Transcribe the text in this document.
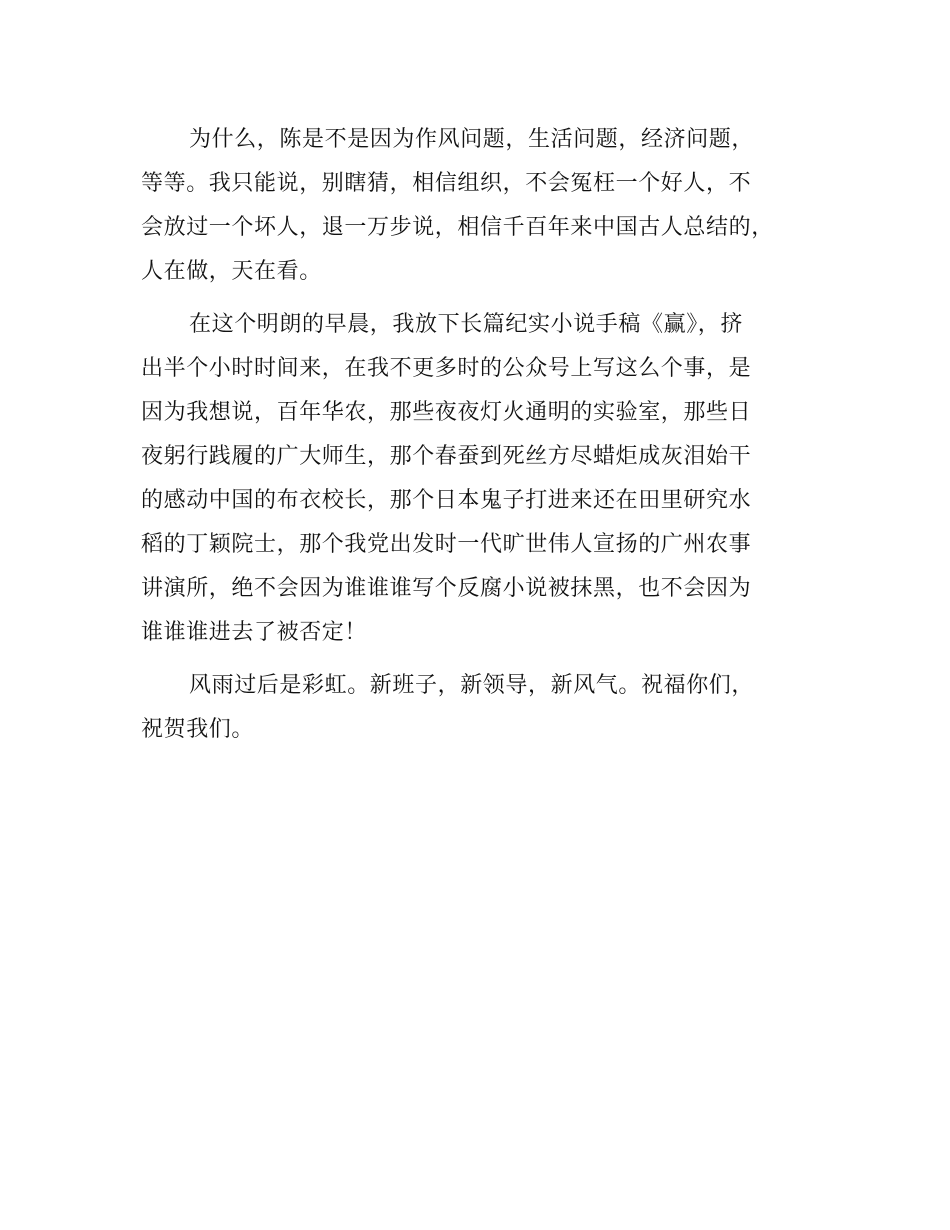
为什么，陈是不是因为作风问题，生活问题，经济问题，
等等。我只能说，别瞎猜，相信组织，不会冤枉一个好人，不
会放过一个坏人，退一万步说，相信千百年来中国古人总结的，
人在做，天在看。

在这个明朗的早晨，我放下长篇纪实小说手稿《赢》，挤
出半个小时时间来，在我不更多时的公众号上写这么个事，是
因为我想说，百年华农，那些夜夜灯火通明的实验室，那些日
夜躬行践履的广大师生，那个春蚕到死丝方尽蜡炬成灰泪始干
的感动中国的布衣校长，那个日本鬼子打进来还在田里研究水
稻的丁颖院士，那个我党出发时一代旷世伟人宣扬的广州农事
讲演所，绝不会因为谁谁谁写个反腐小说被抹黑，也不会因为
谁谁谁进去了被否定！

风雨过后是彩虹。新班子，新领导，新风气。祝福你们，
祝贺我们。
